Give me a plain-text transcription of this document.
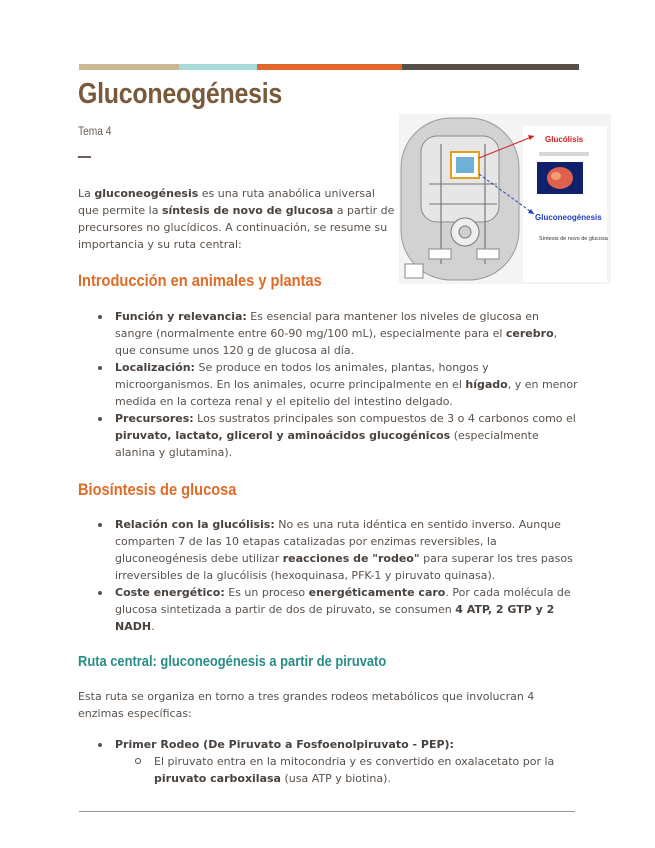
Gluconeogénesis
Tema 4

La gluconeogénesis es una ruta anabólica universal que permite la síntesis de novo de glucosa a partir de precursores no glucídicos. A continuación, se resume su importancia y su ruta central:

Glucólisis
Gluconeogénesis
Síntesis de novo de glucosa
Introducción en animales y plantas
Función y relevancia: Es esencial para mantener los niveles de glucosa en sangre (normalmente entre 60-90 mg/100 mL), especialmente para el cerebro, que consume unos 120 g de glucosa al día.
Localización: Se produce en todos los animales, plantas, hongos y microorganismos. En los animales, ocurre principalmente en el hígado, y en menor medida en la corteza renal y el epitelio del intestino delgado.
Precursores: Los sustratos principales son compuestos de 3 o 4 carbonos como el piruvato, lactato, glicerol y aminoácidos glucogénicos (especialmente alanina y glutamina).
Biosíntesis de glucosa
Relación con la glucólisis: No es una ruta idéntica en sentido inverso. Aunque comparten 7 de las 10 etapas catalizadas por enzimas reversibles, la gluconeogénesis debe utilizar reacciones de "rodeo" para superar los tres pasos irreversibles de la glucólisis (hexoquinasa, PFK-1 y piruvato quinasa).
Coste energético: Es un proceso energéticamente caro. Por cada molécula de glucosa sintetizada a partir de dos de piruvato, se consumen 4 ATP, 2 GTP y 2 NADH.
Ruta central: gluconeogénesis a partir de piruvato

Esta ruta se organiza en torno a tres grandes rodeos metabólicos que involucran 4 enzimas específicas:

Primer Rodeo (De Piruvato a Fosfoenolpiruvato - PEP):
El piruvato entra en la mitocondria y es convertido en oxalacetato por la piruvato carboxilasa (usa ATP y biotina).
